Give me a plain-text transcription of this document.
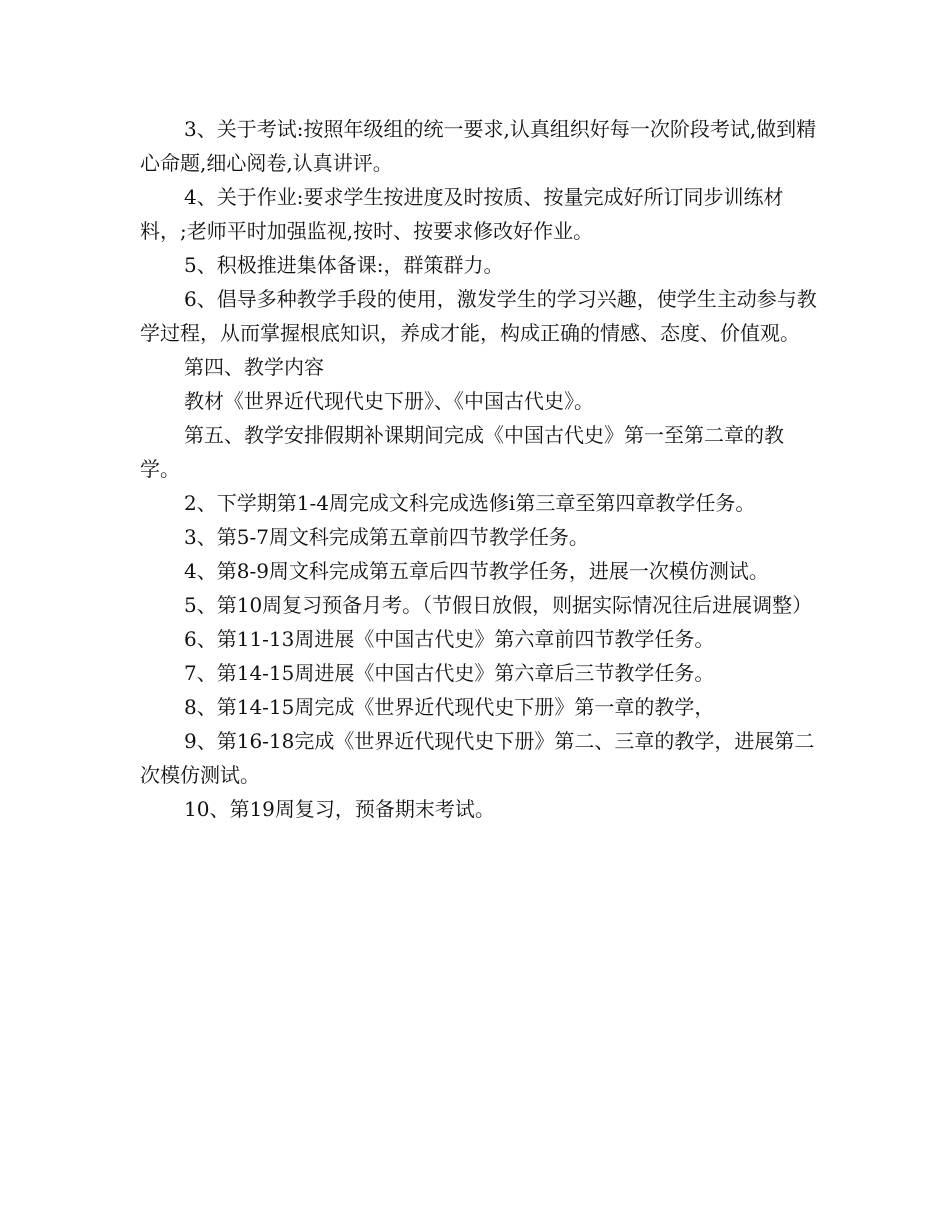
3、关于考试:按照年级组的统一要求,认真组织好每一次阶段考试,做到精心命题,细心阅卷,认真讲评。

4、关于作业:要求学生按进度及时按质、按量完成好所订同步训练材料，;老师平时加强监视,按时、按要求修改好作业。

5、积极推进集体备课:，群策群力。

6、倡导多种教学手段的使用，激发学生的学习兴趣，使学生主动参与教学过程，从而掌握根底知识，养成才能，构成正确的情感、态度、价值观。

第四、教学内容

教材《世界近代现代史下册》、《中国古代史》。

第五、教学安排假期补课期间完成《中国古代史》第一至第二章的教学。

2、下学期第1-4周完成文科完成选修i第三章至第四章教学任务。

3、第5-7周文科完成第五章前四节教学任务。

4、第8-9周文科完成第五章后四节教学任务，进展一次模仿测试。

5、第10周复习预备月考。（节假日放假，则据实际情况往后进展调整）

6、第11-13周进展《中国古代史》第六章前四节教学任务。

7、第14-15周进展《中国古代史》第六章后三节教学任务。

8、第14-15周完成《世界近代现代史下册》第一章的教学，

9、第16-18完成《世界近代现代史下册》第二、三章的教学，进展第二次模仿测试。

10、第19周复习，预备期末考试。
